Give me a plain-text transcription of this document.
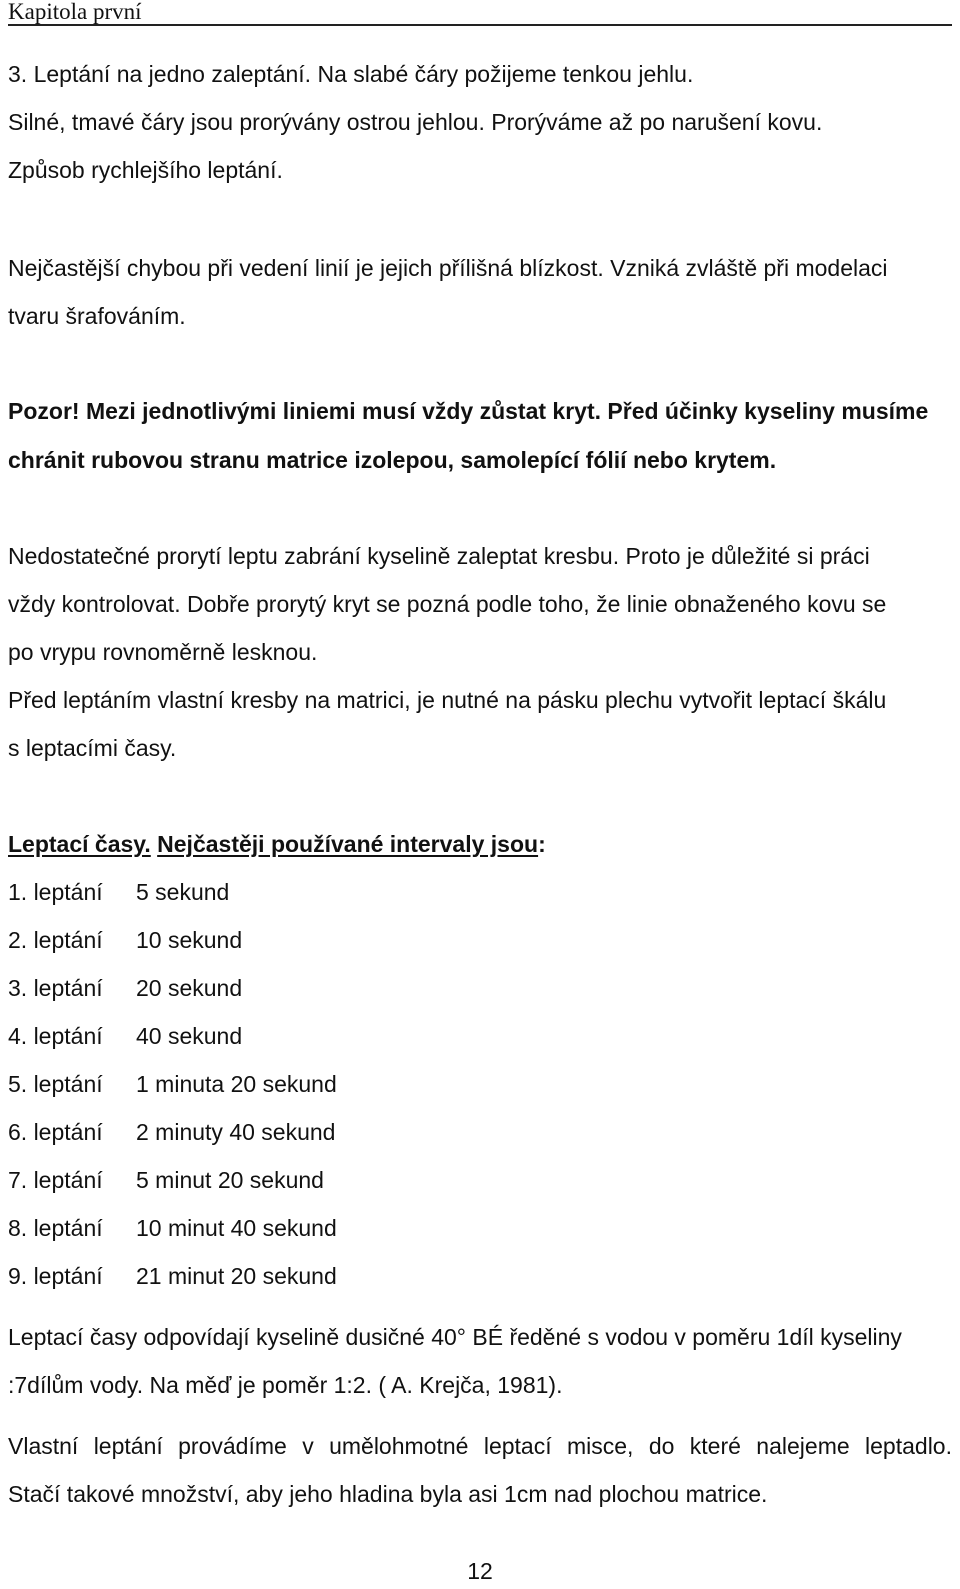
Kapitola první
3. Leptání na jedno zaleptání. Na slabé čáry požijeme tenkou jehlu.
Silné, tmavé čáry jsou prorývány ostrou jehlou. Prorýváme až po narušení kovu.
Způsob rychlejšího leptání.
Nejčastější chybou při vedení linií je jejich přílišná blízkost. Vzniká zvláště při modelaci
tvaru šrafováním.
Pozor! Mezi jednotlivými liniemi musí vždy zůstat kryt. Před účinky kyseliny musíme
chránit rubovou stranu matrice izolepou, samolepící fólií nebo krytem.
Nedostatečné prorytí leptu zabrání kyselině zaleptat kresbu. Proto je důležité si práci
vždy kontrolovat. Dobře prorytý kryt se pozná podle toho, že linie obnaženého kovu se
po vrypu rovnoměrně lesknou.
Před leptáním vlastní kresby na matrici, je nutné na pásku plechu vytvořit leptací škálu
s leptacími časy.
Leptací časy. Nejčastěji používané intervaly jsou:
1. leptání 5 sekund
2. leptání 10 sekund
3. leptání 20 sekund
4. leptání 40 sekund
5. leptání 1 minuta 20 sekund
6. leptání 2 minuty 40 sekund
7. leptání 5 minut 20 sekund
8. leptání 10 minut 40 sekund
9. leptání 21 minut 20 sekund
Leptací časy odpovídají kyselině dusičné 40° BÉ ředěné s vodou v poměru 1díl kyseliny
:7dílům vody. Na měď je poměr 1:2. ( A. Krejča, 1981).
Vlastní leptání provádíme v umělohmotné leptací misce, do které nalejeme leptadlo.
Stačí takové množství, aby jeho hladina byla asi 1cm nad plochou matrice.
12
